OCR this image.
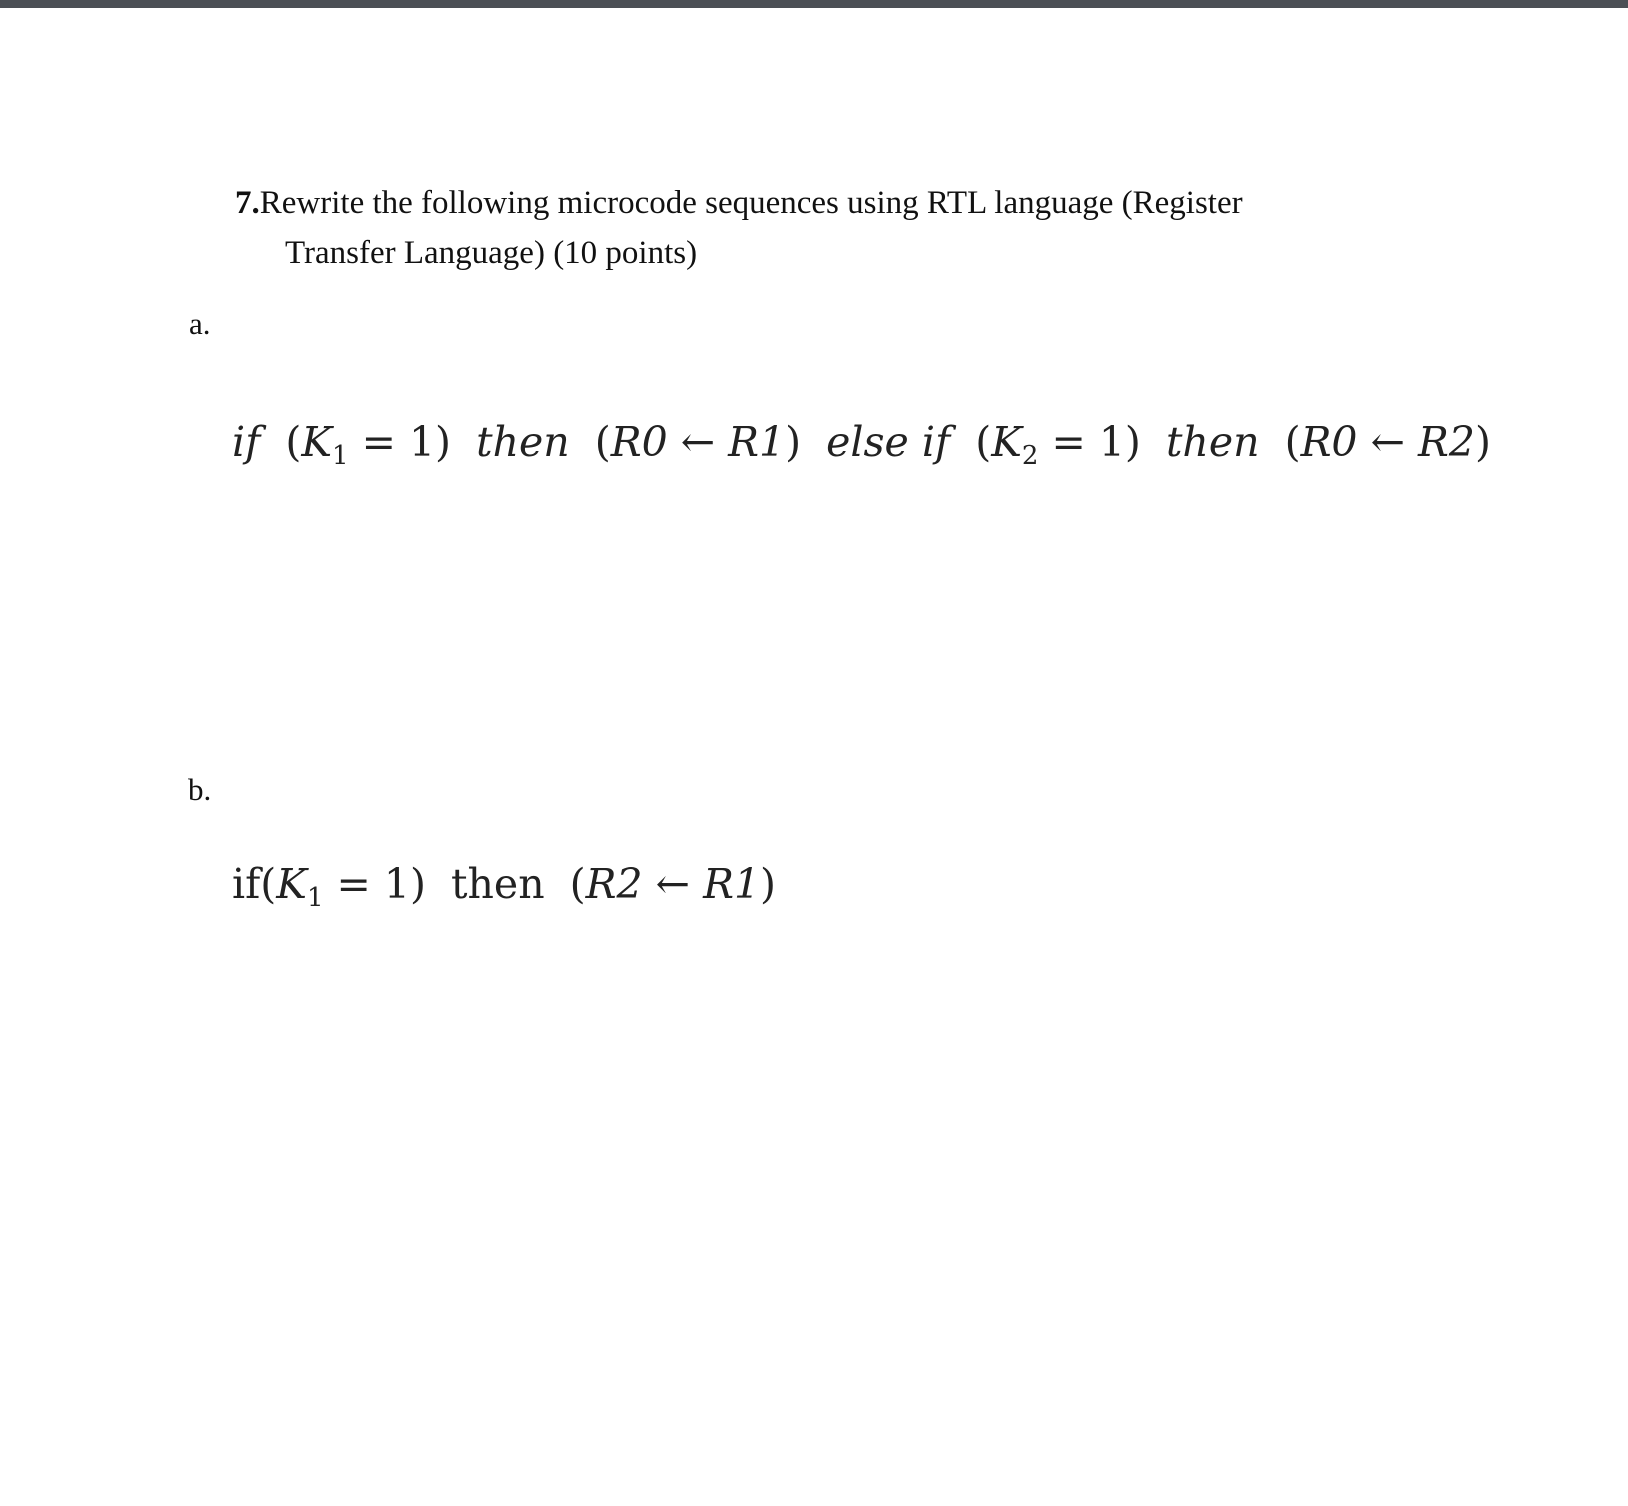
7.Rewrite the following microcode sequences using RTL language (Register
Transfer Language) (10 points)
a.
if $(K_1 = 1)$ then (R0 ← R1) else if $(K_2 = 1)$ then (R0 ← R2)
b.
$if(K_1 = 1)$ then (R2 ← R1)
